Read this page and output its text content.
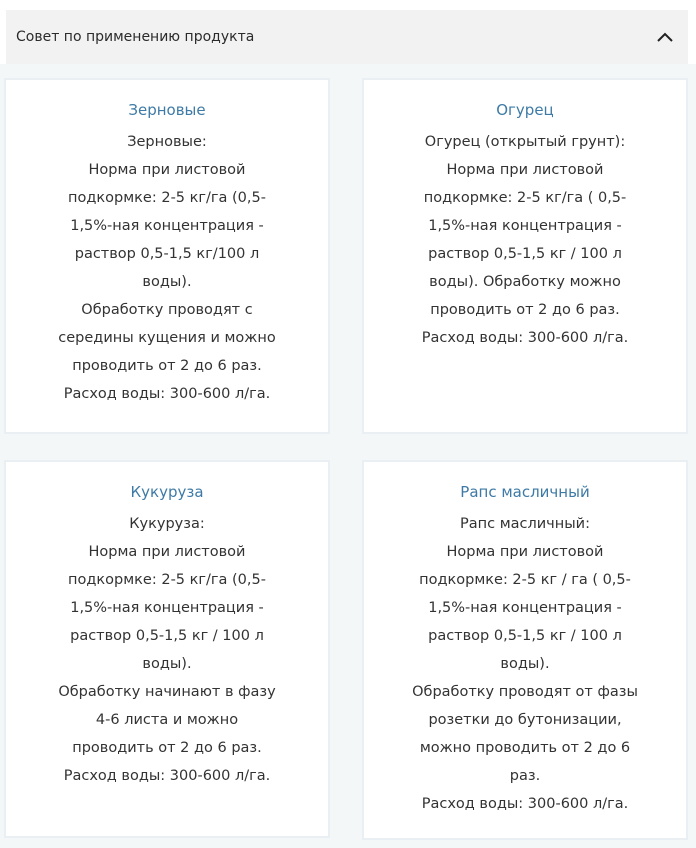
Совет по применению продукта
Зерновые
Зерновые:
Норма при листовой
подкормке: 2-5 кг/га (0,5-
1,5%-ная концентрация -
раствор 0,5-1,5 кг/100 л
воды).
Обработку проводят с
середины кущения и можно
проводить от 2 до 6 раз.
Расход воды: 300-600 л/га.
Огурец
Огурец (открытый грунт):
Норма при листовой
подкормке: 2-5 кг/га ( 0,5-
1,5%-ная концентрация -
раствор 0,5-1,5 кг / 100 л
воды). Обработку можно
проводить от 2 до 6 раз.
Расход воды: 300-600 л/га.
Кукуруза
Кукуруза:
Норма при листовой
подкормке: 2-5 кг/га (0,5-
1,5%-ная концентрация -
раствор 0,5-1,5 кг / 100 л
воды).
Обработку начинают в фазу
4-6 листа и можно
проводить от 2 до 6 раз.
Расход воды: 300-600 л/га.
Рапс масличный
Рапс масличный:
Норма при листовой
подкормке: 2-5 кг / га ( 0,5-
1,5%-ная концентрация -
раствор 0,5-1,5 кг / 100 л
воды).
Обработку проводят от фазы
розетки до бутонизации,
можно проводить от 2 до 6
раз.
Расход воды: 300-600 л/га.
